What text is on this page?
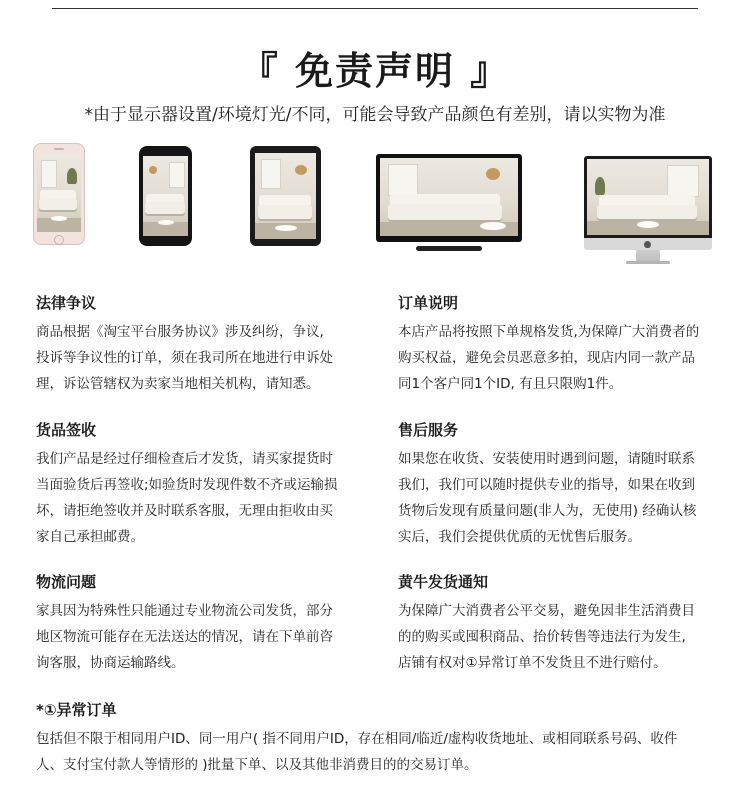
『 免责声明 』
*由于显示器设置/环境灯光/不同，可能会导致产品颜色有差别，请以实物为准
法律争议

商品根据《淘宝平台服务协议》涉及纠纷，争议,
投诉等争议性的订单，须在我司所在地进行申诉处
理，诉讼管辖权为卖家当地相关机构，请知悉。

订单说明

本店产品将按照下单规格发货,为保障广大消费者的
购买权益，避免会员恶意多拍，现店内同一款产品
同1个客户同1个ID, 有且只限购1件。

货品签收

我们产品是经过仔细检查后才发货，请买家提货时
当面验货后再签收;如验货时发现件数不齐或运输损
坏，请拒绝签收并及时联系客服，无理由拒收由买
家自己承担邮费。

售后服务

如果您在收货、安装使用时遇到问题，请随时联系
我们，我们可以随时提供专业的指导，如果在收到
货物后发现有质量问题(非人为，无使用) 经确认核
实后，我们会提供优质的无忧售后服务。

物流问题

家具因为特殊性只能通过专业物流公司发货，部分
地区物流可能存在无法送达的情况，请在下单前咨
询客服，协商运输路线。

黄牛发货通知

为保障广大消费者公平交易，避免因非生活消费目
的的购买或囤积商品、抬价转售等违法行为发生,
店铺有权对①异常订单不发货且不进行赔付。

*①异常订单

包括但不限于相同用户ID、同一用户( 指不同用户ID，存在相同/临近/虚构收货地址、或相同联系号码、收件
人、支付宝付款人等情形的 )批量下单、以及其他非消费目的的交易订单。
